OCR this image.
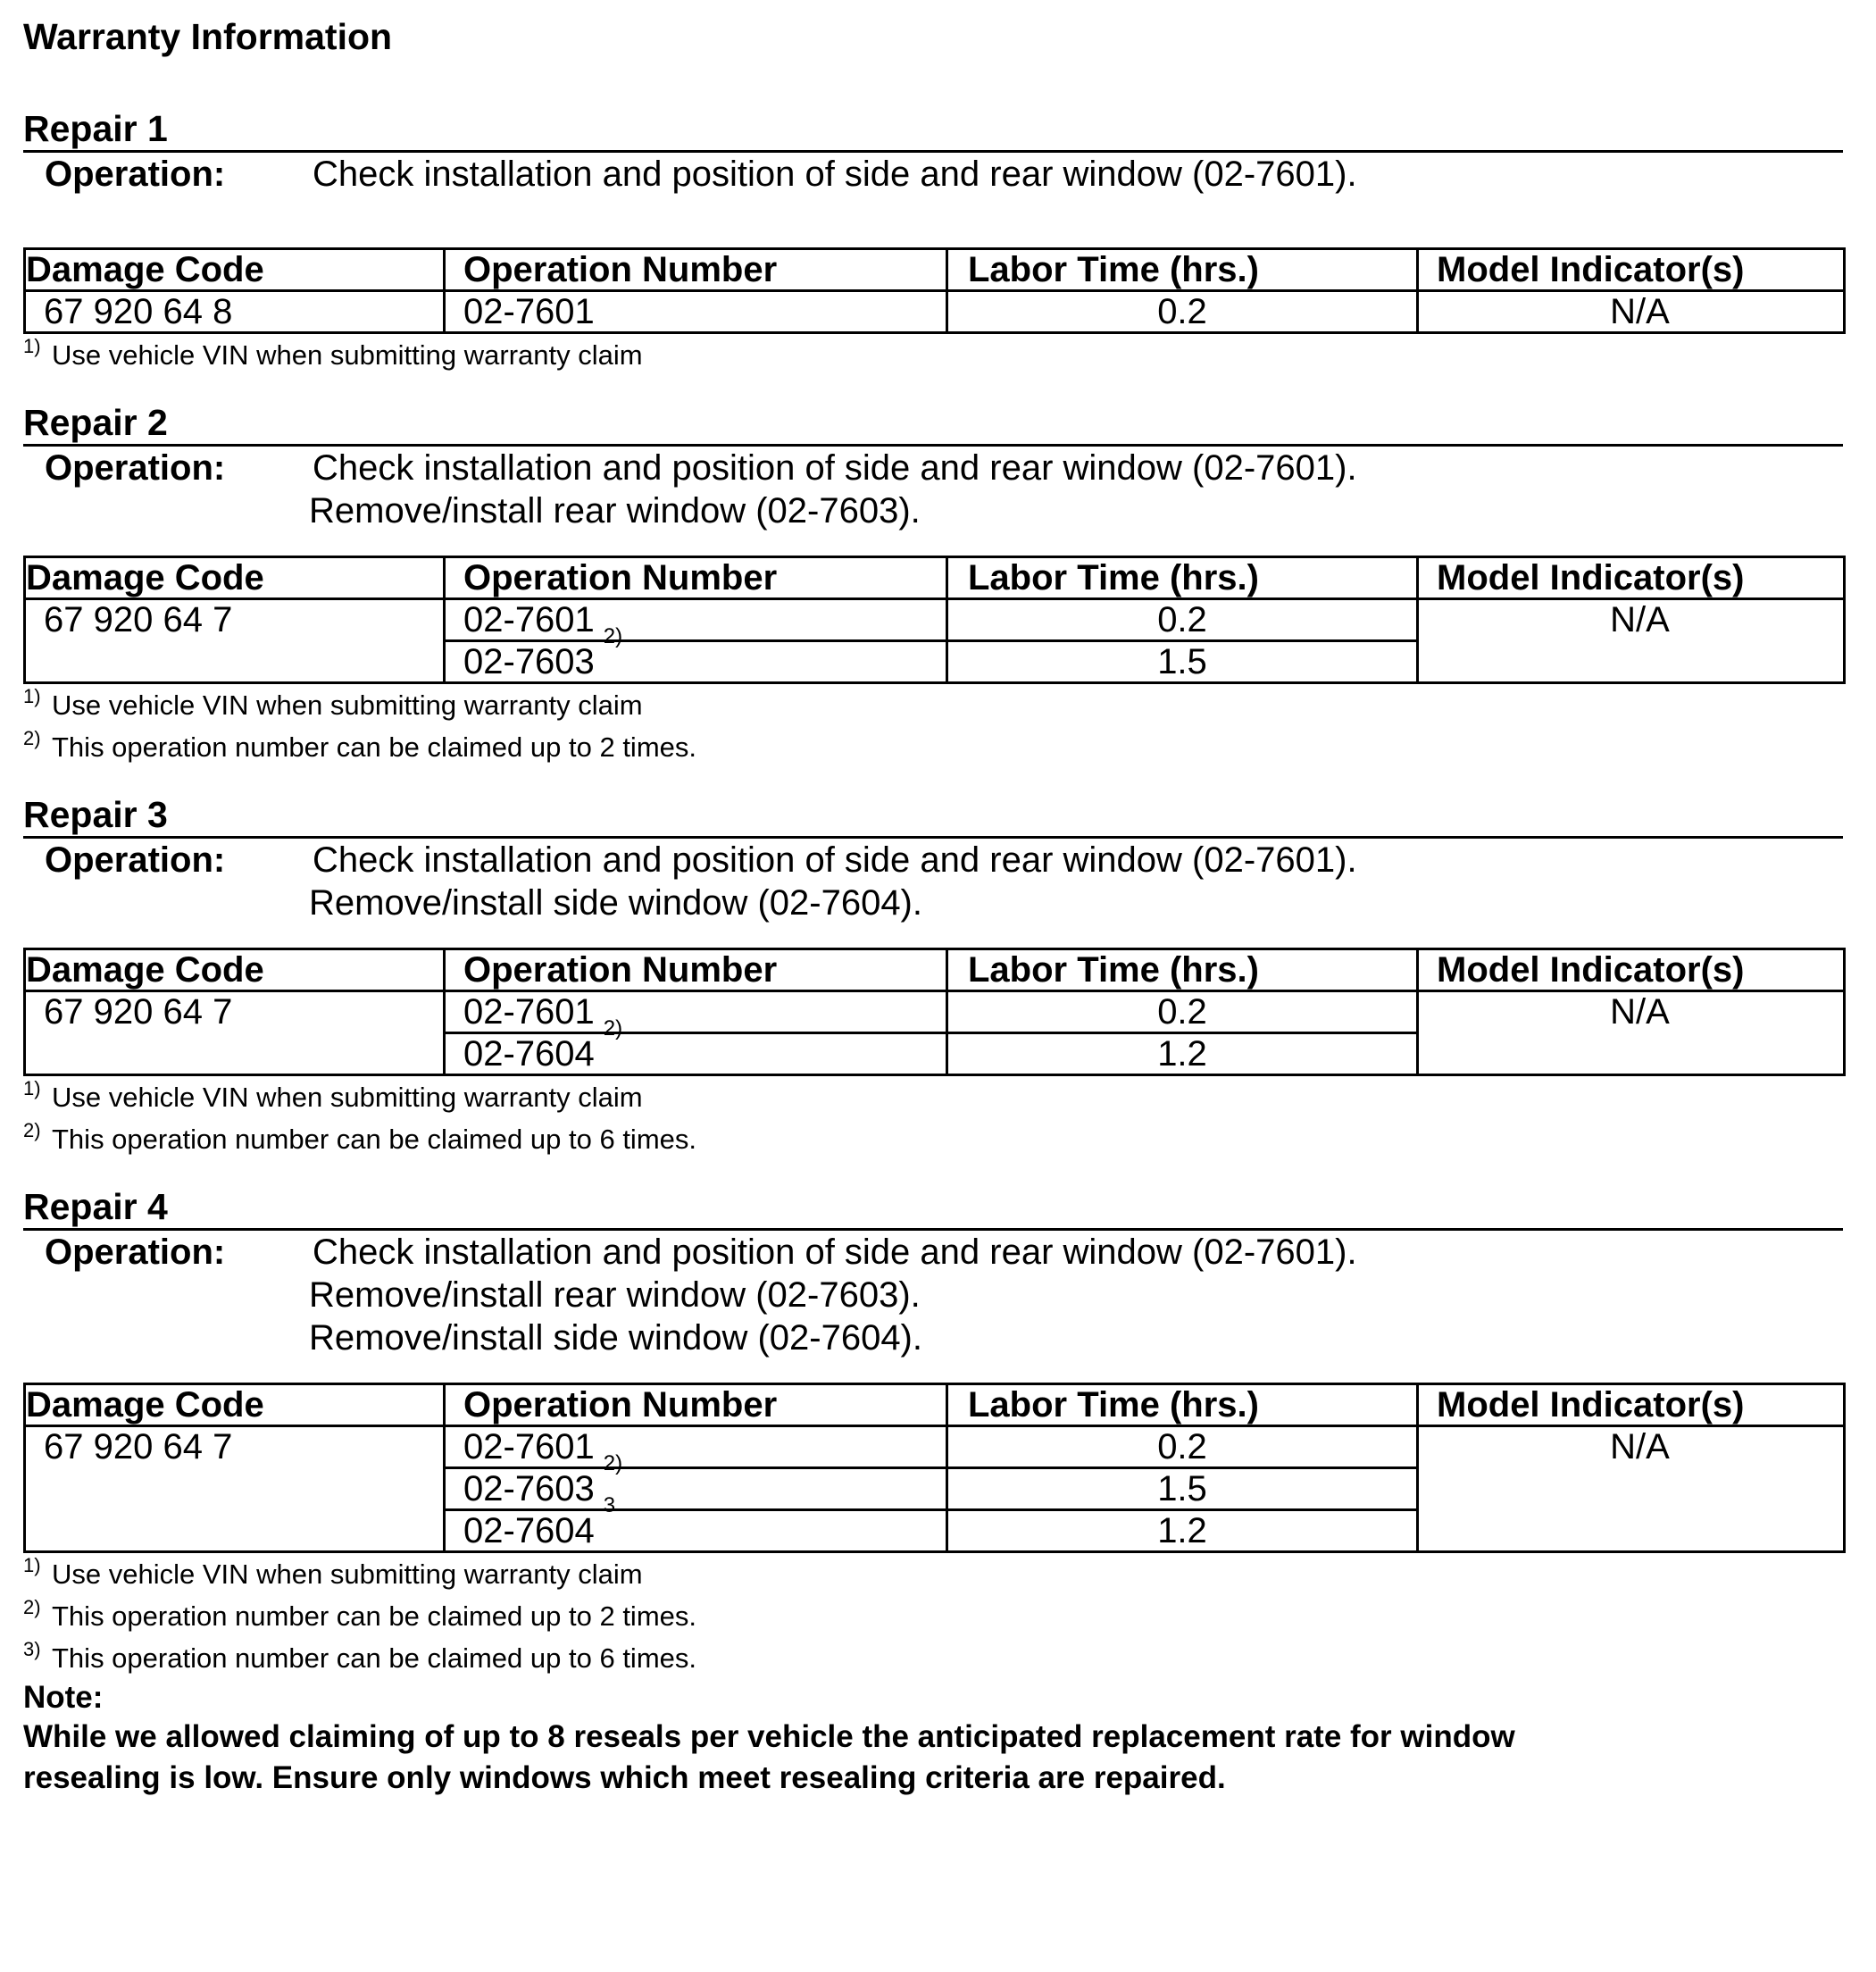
Warranty Information
Repair 1
Operation: Check installation and position of side and rear window (02-7601).
Damage Code	Operation Number	Labor Time (hrs.)	Model Indicator(s)
67 920 64 8	02-7601	0.2	N/A
1) Use vehicle VIN when submitting warranty claim
Repair 2
Operation: Check installation and position of side and rear window (02-7601).
Remove/install rear window (02-7603).
Damage Code	Operation Number	Labor Time (hrs.)	Model Indicator(s)
67 920 64 7	02-7601	0.2	N/A
	02-7603$^{2)}$	1.5	
1) Use vehicle VIN when submitting warranty claim
2) This operation number can be claimed up to 2 times.
Repair 3
Operation: Check installation and position of side and rear window (02-7601).
Remove/install side window (02-7604).
Damage Code	Operation Number	Labor Time (hrs.)	Model Indicator(s)
67 920 64 7	02-7601	0.2	N/A
	02-7604$^{2)}$	1.2	
1) Use vehicle VIN when submitting warranty claim
2) This operation number can be claimed up to 6 times.
Repair 4
Operation: Check installation and position of side and rear window (02-7601).
Remove/install rear window (02-7603).
Remove/install side window (02-7604).
Damage Code	Operation Number	Labor Time (hrs.)	Model Indicator(s)
67 920 64 7	02-7601	0.2	N/A
	02-7603$^{2)}$	1.5	
	02-7604$^3$	1.2	
1) Use vehicle VIN when submitting warranty claim
2) This operation number can be claimed up to 2 times.
3) This operation number can be claimed up to 6 times.
Note:
While we allowed claiming of up to 8 reseals per vehicle the anticipated replacement rate for window resealing is low. Ensure only windows which meet resealing criteria are repaired.
